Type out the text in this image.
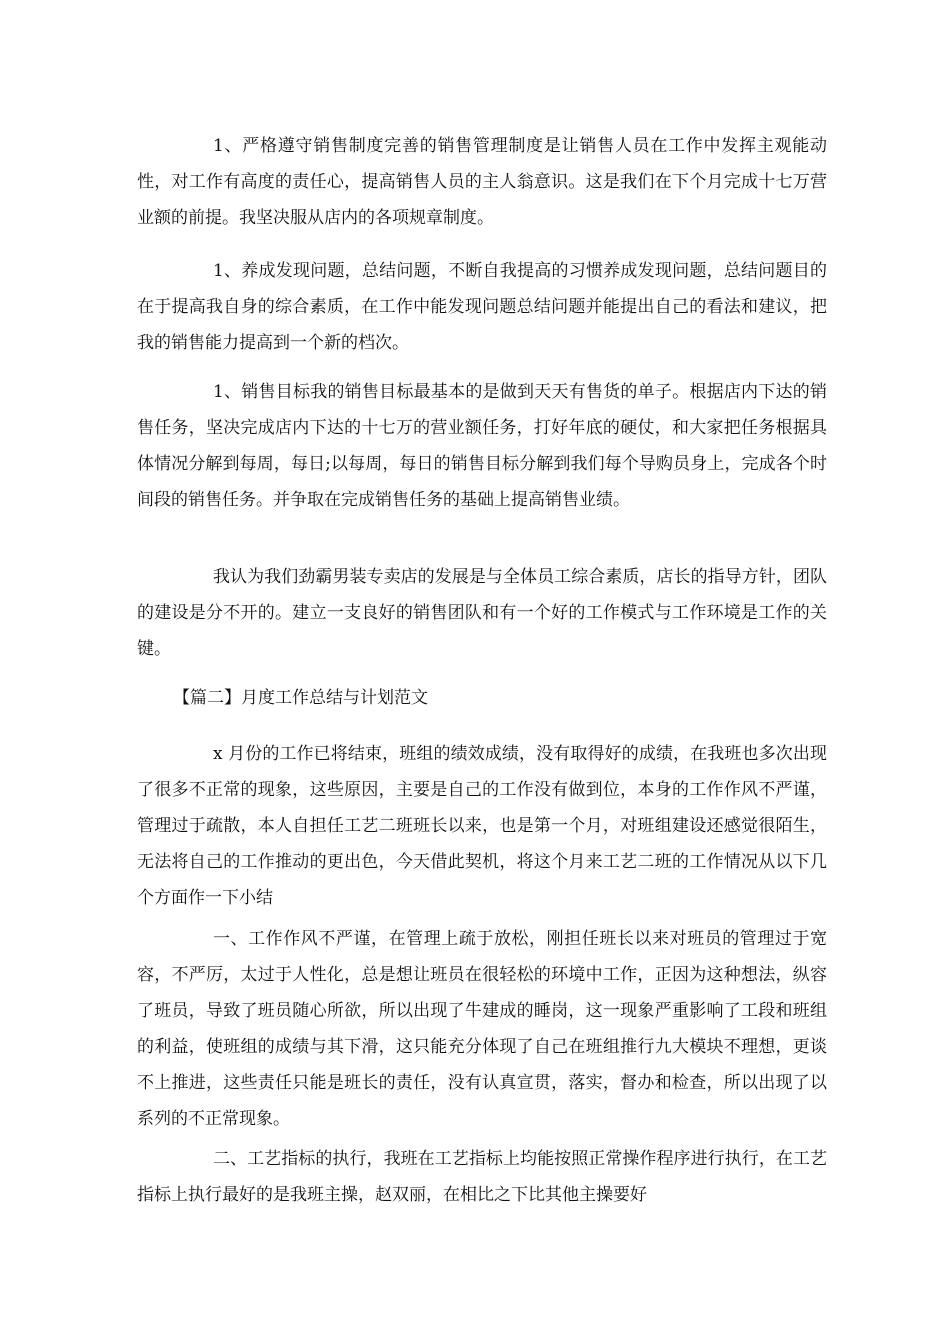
1、严格遵守销售制度完善的销售管理制度是让销售人员在工作中发挥主观能动性，对工作有高度的责任心，提高销售人员的主人翁意识。这是我们在下个月完成十七万营业额的前提。我坚决服从店内的各项规章制度。

1、养成发现问题，总结问题，不断自我提高的习惯养成发现问题，总结问题目的在于提高我自身的综合素质，在工作中能发现问题总结问题并能提出自己的看法和建议，把我的销售能力提高到一个新的档次。

1、销售目标我的销售目标最基本的是做到天天有售货的单子。根据店内下达的销售任务，坚决完成店内下达的十七万的营业额任务，打好年底的硬仗，和大家把任务根据具体情况分解到每周，每日;以每周，每日的销售目标分解到我们每个导购员身上，完成各个时间段的销售任务。并争取在完成销售任务的基础上提高销售业绩。

我认为我们劲霸男装专卖店的发展是与全体员工综合素质，店长的指导方针，团队的建设是分不开的。建立一支良好的销售团队和有一个好的工作模式与工作环境是工作的关键。

【篇二】月度工作总结与计划范文

x 月份的工作已将结束，班组的绩效成绩，没有取得好的成绩，在我班也多次出现了很多不正常的现象，这些原因，主要是自己的工作没有做到位，本身的工作作风不严谨，管理过于疏散，本人自担任工艺二班班长以来，也是第一个月，对班组建设还感觉很陌生，无法将自己的工作推动的更出色，今天借此契机，将这个月来工艺二班的工作情况从以下几个方面作一下小结

一、工作作风不严谨，在管理上疏于放松，刚担任班长以来对班员的管理过于宽容，不严厉，太过于人性化，总是想让班员在很轻松的环境中工作，正因为这种想法，纵容了班员，导致了班员随心所欲，所以出现了牛建成的睡岗，这一现象严重影响了工段和班组的利益，使班组的成绩与其下滑，这只能充分体现了自己在班组推行九大模块不理想，更谈不上推进，这些责任只能是班长的责任，没有认真宣贯，落实，督办和检查，所以出现了以系列的不正常现象。

二、工艺指标的执行，我班在工艺指标上均能按照正常操作程序进行执行，在工艺指标上执行最好的是我班主操，赵双丽，在相比之下比其他主操要好
